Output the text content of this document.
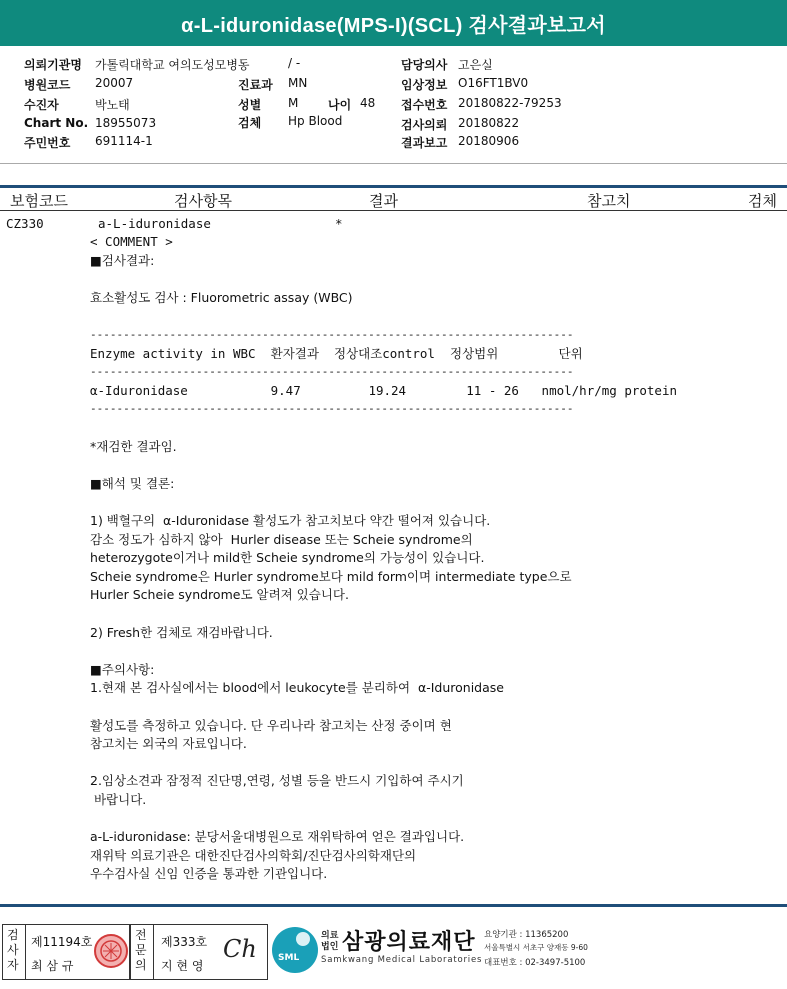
α-L-iduronidase(MPS-I)(SCL) 검사결과보고서
의뢰기관명 가톨릭대학교 여의도성모병동	/ -
병원코드 20007
수진자	박노태
Chart No. 18955073
주민번호 691114-1
진료과 MN
성별 M 나이 48
검체 Hp Blood
담당의사 고은실
임상정보 O16FT1BV0
접수번호 20180822-79253
검사의뢰 20180822
결과보고 20180906
보험코드	검사항목	결과	참고치	검체
CZ330	a-L-iduronidase	*
< COMMENT >
■검사결과:
효소활성도 검사 : Fluorometric assay (WBC)
-------------------------------------------------------------------------
Enzyme activity in WBC  환자결과  정상대조control  정상범위        단위
-------------------------------------------------------------------------
α-Iduronidase           9.47         19.24        11 - 26   nmol/hr/mg protein
-------------------------------------------------------------------------
*재검한 결과임.
■해석 및 결론:
1) 백혈구의  α-Iduronidase 활성도가 참고치보다 약간 떨어져 있습니다.
감소 정도가 심하지 않아  Hurler disease 또는 Scheie syndrome의
heterozygote이거나 mild한 Scheie syndrome의 가능성이 있습니다.
Scheie syndrome은 Hurler syndrome보다 mild form이며 intermediate type으로
Hurler Scheie syndrome도 알려져 있습니다.
2) Fresh한 검체로 재검바랍니다.
■주의사항:
1.현재 본 검사실에서는 blood에서 leukocyte를 분리하여  α-Iduronidase
활성도를 측정하고 있습니다. 단 우리나라 참고치는 산정 중이며 현
참고치는 외국의 자료입니다.
2.임상소견과 잠정적 진단명,연령, 성별 등을 반드시 기입하여 주시기
바랍니다.
a-L-iduronidase: 분당서울대병원으로 재위탁하여 얻은 결과입니다.
재위탁 의료기관은 대한진단검사의학회/진단검사의학재단의
우수검사실 신임 인증을 통과한 기관입니다.
검사자
제11194호
최 삼 규
전문의
제333호
지 현 영
Ch SML
의료
법인 삼광의료재단
Samkwang Medical Laboratories
요양기관 : 11365200
서울특별시 서초구 양재동 9-60
대표번호 : 02-3497-5100
